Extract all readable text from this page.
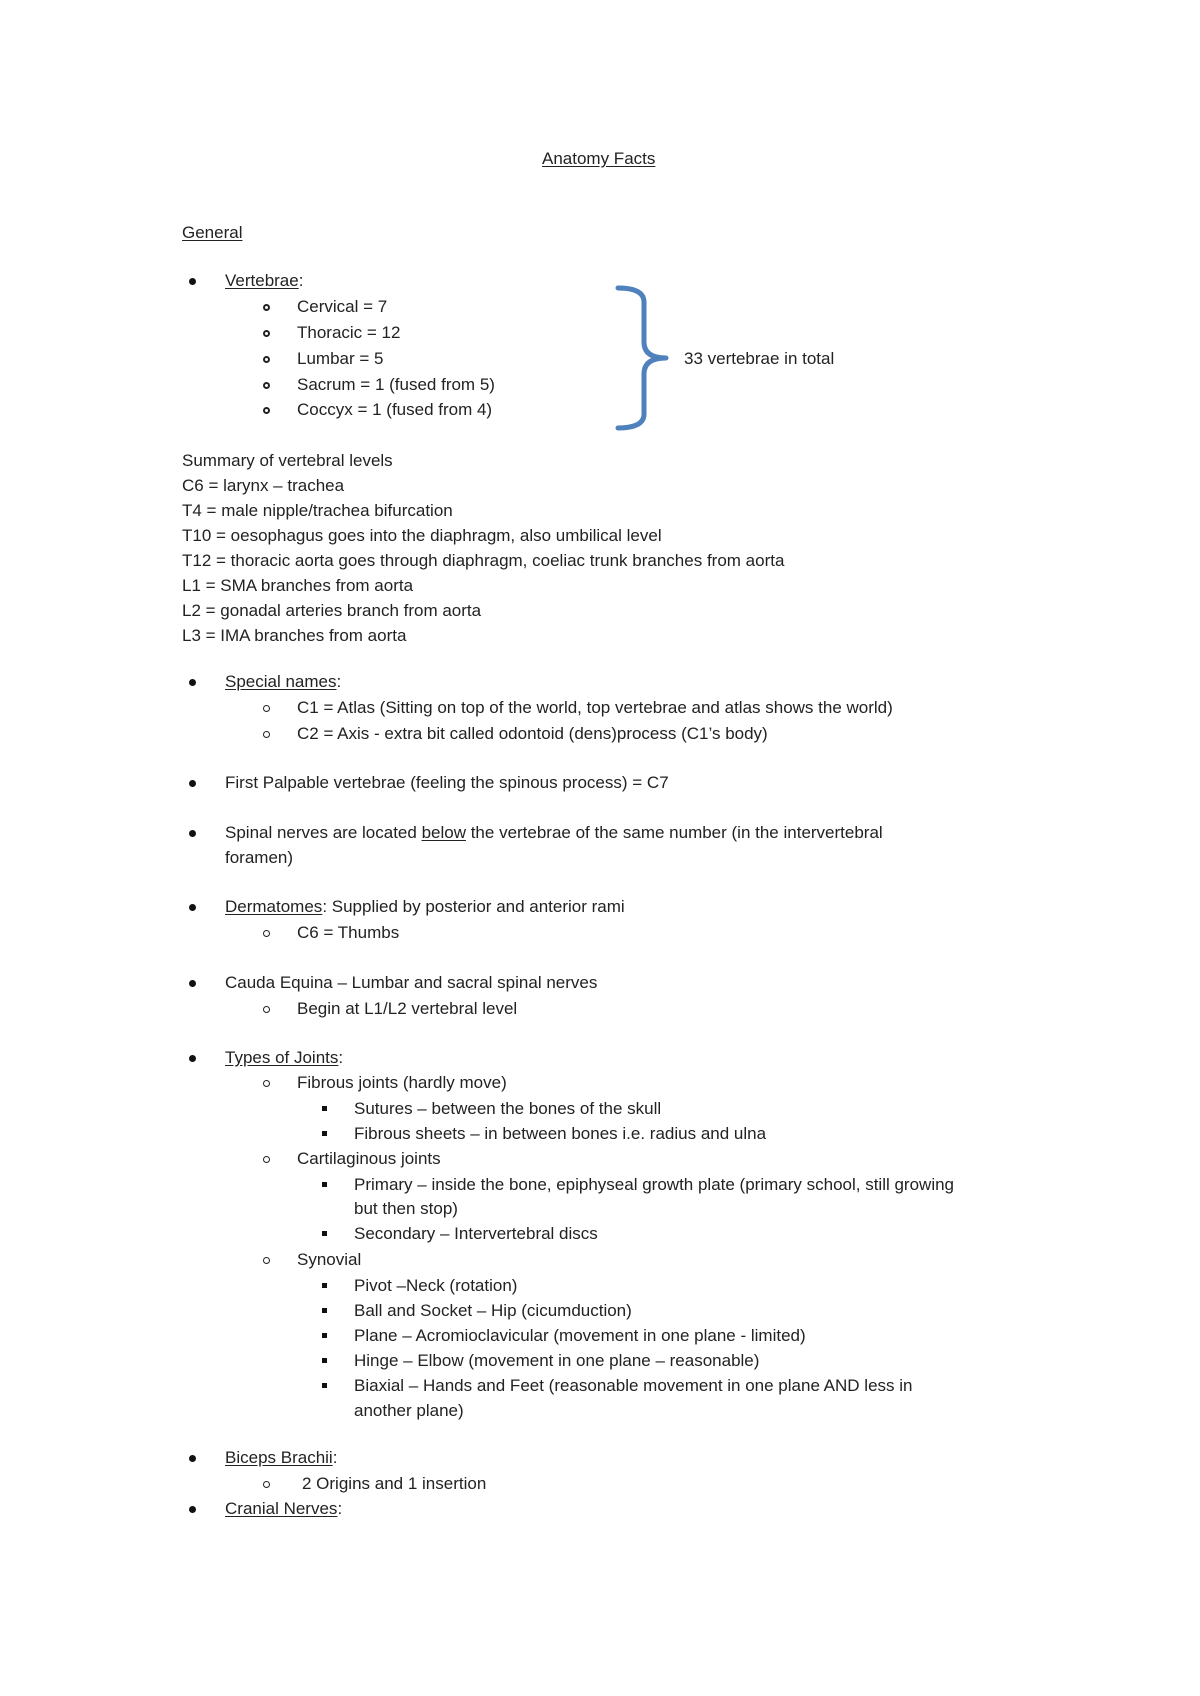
Anatomy Facts
General
Vertebrae:
Cervical = 7
Thoracic = 12
Lumbar = 5
Sacrum = 1 (fused from 5)
Coccyx = 1 (fused from 4)
33 vertebrae in total
Summary of vertebral levels
C6 = larynx – trachea
T4 = male nipple/trachea bifurcation
T10 = oesophagus goes into the diaphragm, also umbilical level
T12 = thoracic aorta goes through diaphragm, coeliac trunk branches from aorta
L1 = SMA branches from aorta
L2 = gonadal arteries branch from aorta
L3 = IMA branches from aorta
Special names:
C1 = Atlas (Sitting on top of the world, top vertebrae and atlas shows the world)
C2 = Axis - extra bit called odontoid (dens)process (C1’s body)
First Palpable vertebrae (feeling the spinous process) = C7
Spinal nerves are located below the vertebrae of the same number (in the intervertebral
foramen)
Dermatomes: Supplied by posterior and anterior rami
C6 = Thumbs
Cauda Equina – Lumbar and sacral spinal nerves
Begin at L1/L2 vertebral level
Types of Joints:
Fibrous joints (hardly move)
Sutures – between the bones of the skull
Fibrous sheets – in between bones i.e. radius and ulna
Cartilaginous joints
Primary – inside the bone, epiphyseal growth plate (primary school, still growing
but then stop)
Secondary – Intervertebral discs
Synovial
Pivot –Neck (rotation)
Ball and Socket – Hip (cicumduction)
Plane – Acromioclavicular (movement in one plane - limited)
Hinge – Elbow (movement in one plane – reasonable)
Biaxial – Hands and Feet (reasonable movement in one plane AND less in
another plane)
Biceps Brachii:
2 Origins and 1 insertion
Cranial Nerves:
